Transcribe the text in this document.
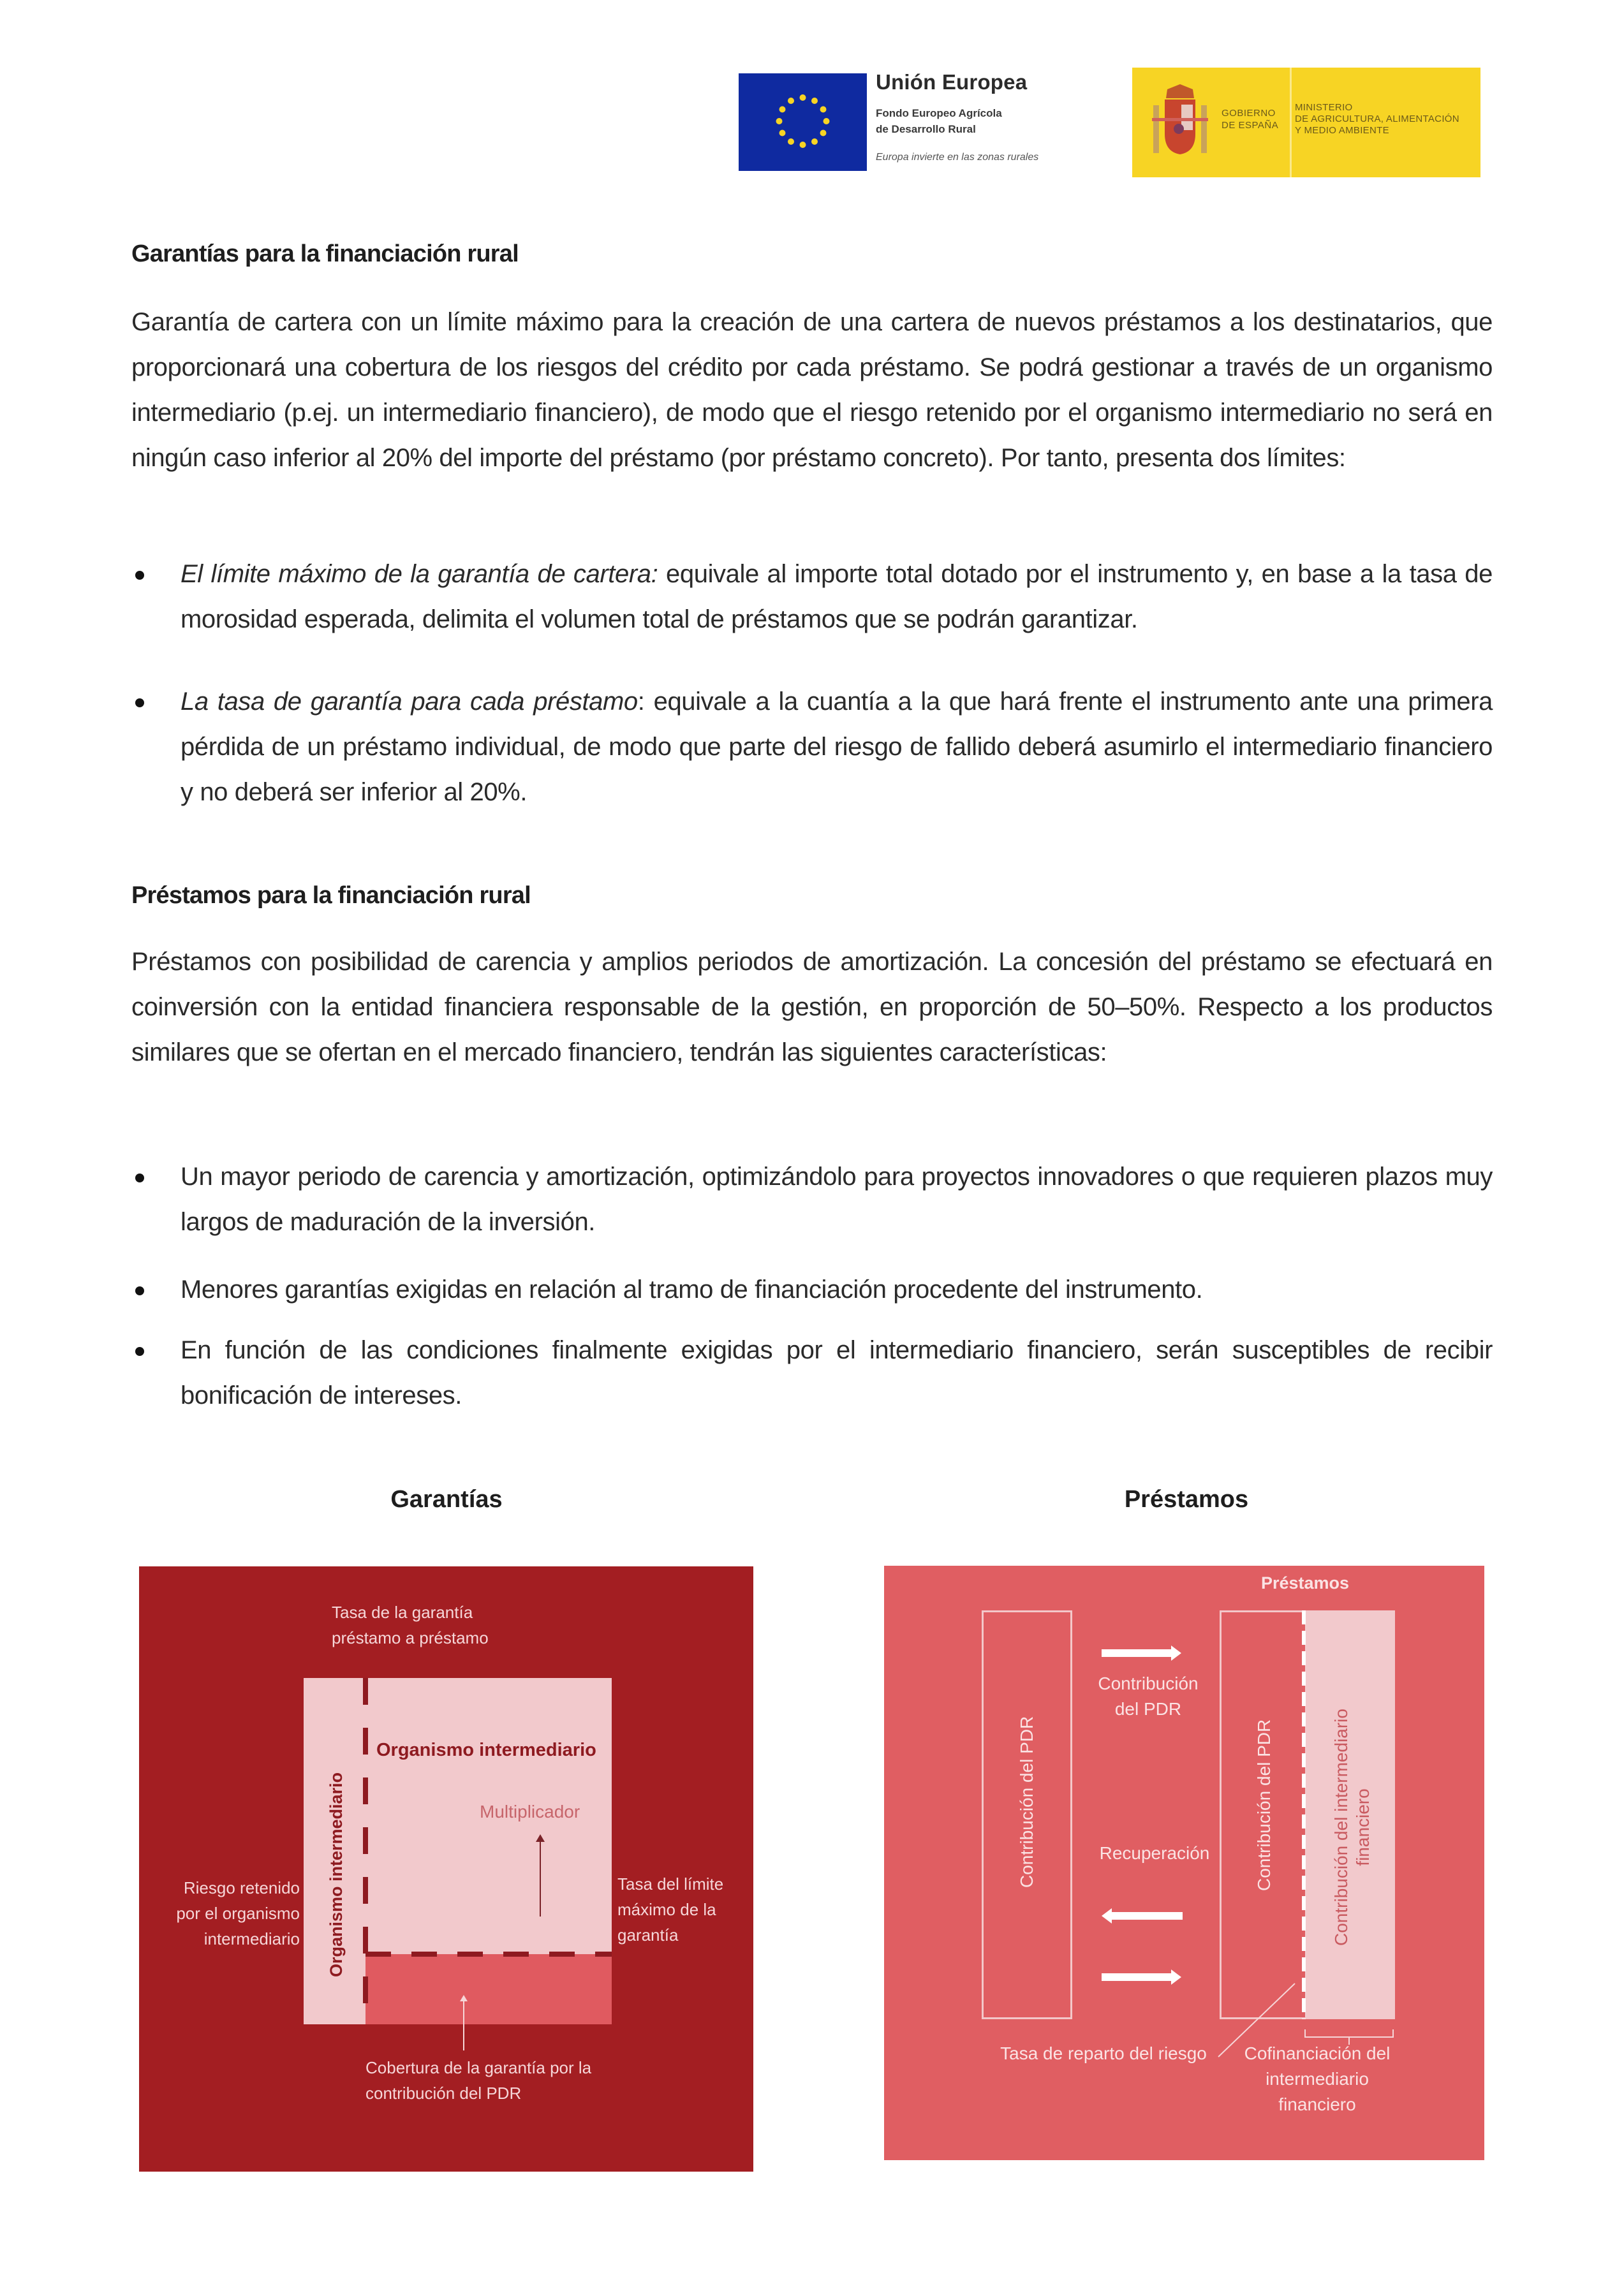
Unión Europea
Fondo Europeo Agrícola
de Desarrollo Rural
Europa invierte en las zonas rurales
GOBIERNO
DE ESPAÑA
MINISTERIO
DE AGRICULTURA, ALIMENTACIÓN
Y MEDIO AMBIENTE
Garantías para la financiación rural
Garantía de cartera con un límite máximo para la creación de una cartera de nuevos préstamos a los destinatarios, que proporcionará una cobertura de los riesgos del crédito por cada préstamo. Se podrá gestionar a través de un organismo intermediario (p.ej. un intermediario financiero), de modo que el riesgo retenido por el organismo intermediario no será en ningún caso inferior al 20% del importe del préstamo (por préstamo concreto). Por tanto, presenta dos límites:
El límite máximo de la garantía de cartera: equivale al importe total dotado por el instrumento y, en base a la tasa de morosidad esperada, delimita el volumen total de préstamos que se podrán garantizar.
La tasa de garantía para cada préstamo: equivale a la cuantía a la que hará frente el instrumento ante una primera pérdida de un préstamo individual, de modo que parte del riesgo de fallido deberá asumirlo el intermediario financiero y no deberá ser inferior al 20%.
Préstamos para la financiación rural
Préstamos con posibilidad de carencia y amplios periodos de amortización. La concesión del préstamo se efectuará en coinversión con la entidad financiera responsable de la gestión, en proporción de 50–50%. Respecto a los productos similares que se ofertan en el mercado financiero, tendrán las siguientes características:
Un mayor periodo de carencia y amortización, optimizándolo para proyectos innovadores o que requieren plazos muy largos de maduración de la inversión.
Menores garantías exigidas en relación al tramo de financiación procedente del instrumento.
En función de las condiciones finalmente exigidas por el intermediario financiero, serán susceptibles de recibir bonificación de intereses.
Garantías	Préstamos
Tasa de la garantía
préstamo a préstamo
Organismo intermediario
Organismo intermediario
Multiplicador
Riesgo retenido
por el organismo
intermediario
Tasa del límite
máximo de la
garantía
Cobertura de la garantía por la
contribución del PDR
Préstamos
Contribución del PDR
Contribución
del PDR
Recuperación	Contribución del PDR	Contribución del intermediario financiero
Tasa de reparto del riesgo	Cofinanciación del
intermediario
financiero
